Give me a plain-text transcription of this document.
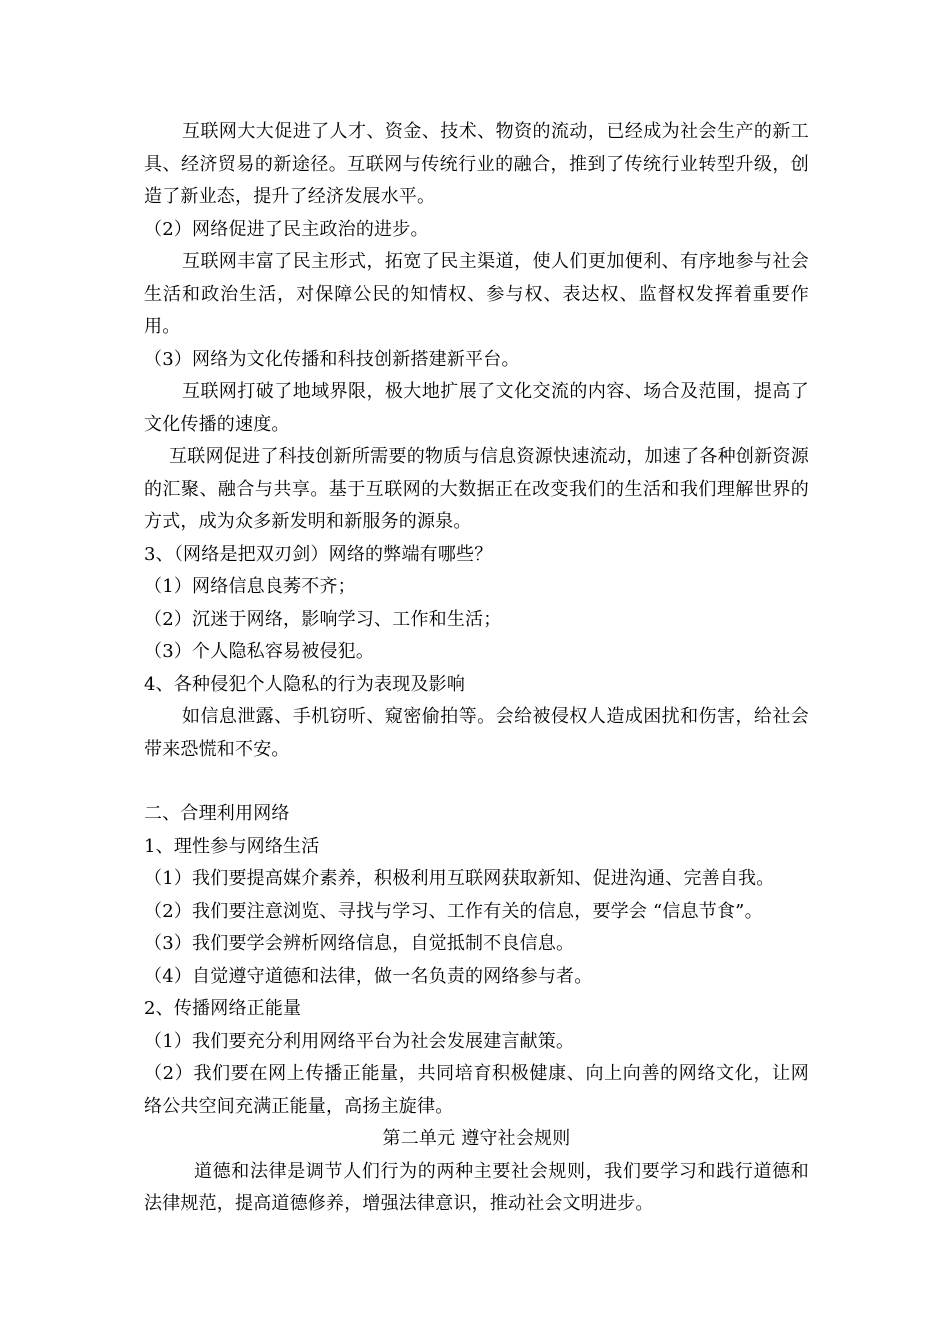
互联网大大促进了人才、资金、技术、物资的流动，已经成为社会生产的新工具、经济贸易的新途径。互联网与传统行业的融合，推到了传统行业转型升级，创造了新业态，提升了经济发展水平。

（2）网络促进了民主政治的进步。

互联网丰富了民主形式，拓宽了民主渠道，使人们更加便利、有序地参与社会生活和政治生活，对保障公民的知情权、参与权、表达权、监督权发挥着重要作用。

（3）网络为文化传播和科技创新搭建新平台。

互联网打破了地域界限，极大地扩展了文化交流的内容、场合及范围，提高了文化传播的速度。

互联网促进了科技创新所需要的物质与信息资源快速流动，加速了各种创新资源的汇聚、融合与共享。基于互联网的大数据正在改变我们的生活和我们理解世界的方式，成为众多新发明和新服务的源泉。

3、（网络是把双刃剑）网络的弊端有哪些？

（1）网络信息良莠不齐；

（2）沉迷于网络，影响学习、工作和生活；

（3）个人隐私容易被侵犯。

4、各种侵犯个人隐私的行为表现及影响

如信息泄露、手机窃听、窥密偷拍等。会给被侵权人造成困扰和伤害，给社会带来恐慌和不安。

二、合理利用网络

1、理性参与网络生活

（1）我们要提高媒介素养，积极利用互联网获取新知、促进沟通、完善自我。

（2）我们要注意浏览、寻找与学习、工作有关的信息，要学会 “信息节食”。

（3）我们要学会辨析网络信息，自觉抵制不良信息。

（4）自觉遵守道德和法律，做一名负责的网络参与者。

2、传播网络正能量

（1）我们要充分利用网络平台为社会发展建言献策。

（2）我们要在网上传播正能量，共同培育积极健康、向上向善的网络文化，让网络公共空间充满正能量，高扬主旋律。

第二单元 遵守社会规则

道德和法律是调节人们行为的两种主要社会规则，我们要学习和践行道德和法律规范，提高道德修养，增强法律意识，推动社会文明进步。
